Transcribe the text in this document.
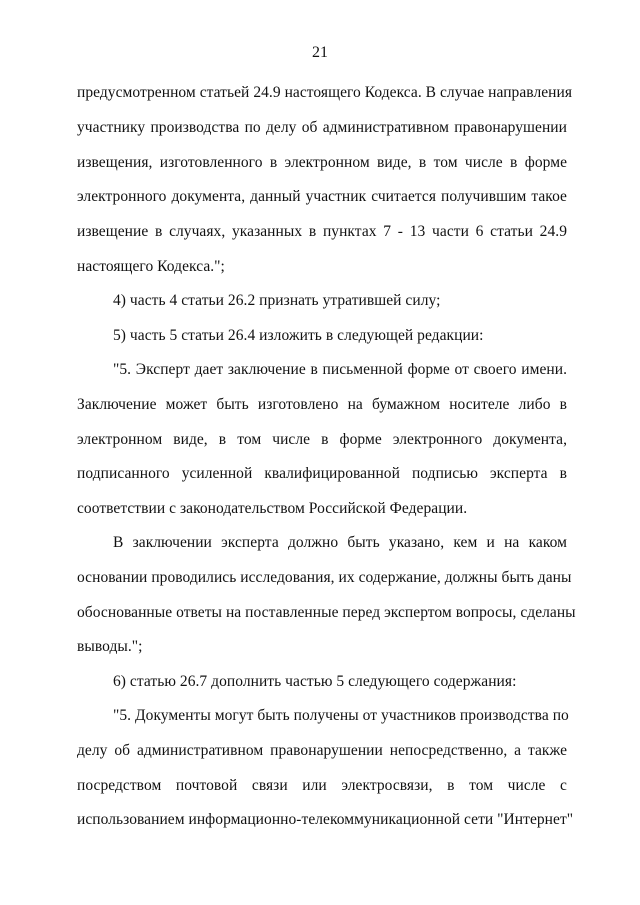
21
предусмотренном статьей 24.9 настоящего Кодекса. В случае направления
участнику производства по делу об административном правонарушении
извещения, изготовленного в электронном виде, в том числе в форме
электронного документа, данный участник считается получившим такое
извещение в случаях, указанных в пунктах 7 - 13 части 6 статьи 24.9
настоящего Кодекса.";
4) часть 4 статьи 26.2 признать утратившей силу;
5) часть 5 статьи 26.4 изложить в следующей редакции:
"5. Эксперт дает заключение в письменной форме от своего имени.
Заключение может быть изготовлено на бумажном носителе либо в
электронном виде, в том числе в форме электронного документа,
подписанного усиленной квалифицированной подписью эксперта в
соответствии с законодательством Российской Федерации.
В заключении эксперта должно быть указано, кем и на каком
основании проводились исследования, их содержание, должны быть даны
обоснованные ответы на поставленные перед экспертом вопросы, сделаны
выводы.";
6) статью 26.7 дополнить частью 5 следующего содержания:
"5. Документы могут быть получены от участников производства по
делу об административном правонарушении непосредственно, а также
посредством почтовой связи или электросвязи, в том числе с
использованием информационно-телекоммуникационной сети "Интернет"
